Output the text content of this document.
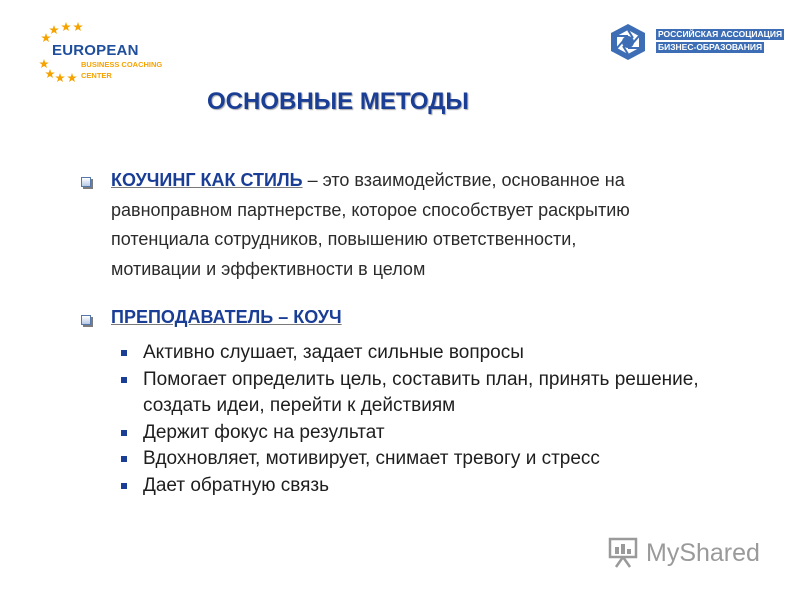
EUROPEAN
BUSINESS COACHING
CENTER
РОССИЙСКАЯ АССОЦИАЦИЯ
БИЗНЕС-ОБРАЗОВАНИЯ
ОСНОВНЫЕ МЕТОДЫ
КОУЧИНГ КАК СТИЛЬ – это взаимодействие, основанное на
равноправном партнерстве, которое способствует раскрытию
потенциала сотрудников, повышению ответственности,
мотивации и эффективности в целом
ПРЕПОДАВАТЕЛЬ – КОУЧ
Активно слушает, задает сильные вопросы
Помогает определить цель, составить план, принять решение, создать идеи, перейти к действиям
Держит фокус на результат
Вдохновляет, мотивирует, снимает тревогу и стресс
Дает обратную связь
MyShared
